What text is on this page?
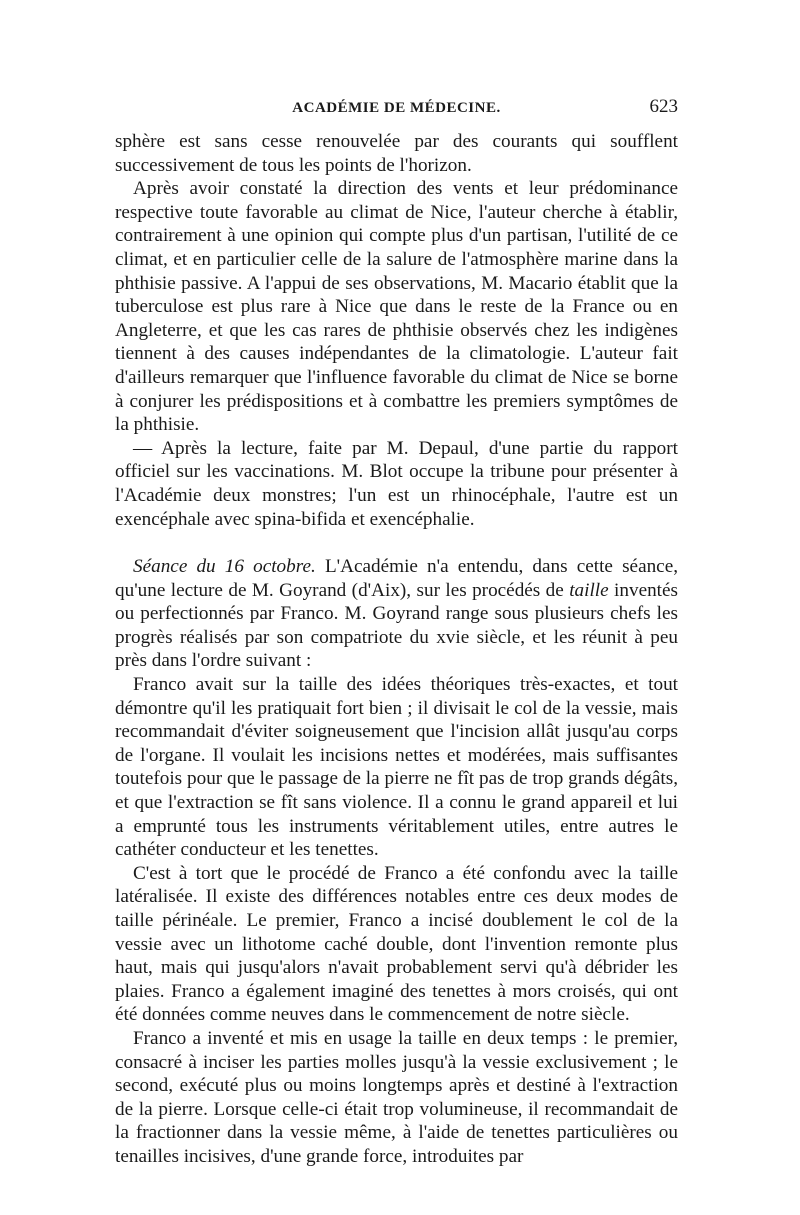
ACADÉMIE DE MÉDECINE.	623

sphère est sans cesse renouvelée par des courants qui soufflent successivement de tous les points de l'horizon.

Après avoir constaté la direction des vents et leur prédominance respective toute favorable au climat de Nice, l'auteur cherche à établir, contrairement à une opinion qui compte plus d'un partisan, l'utilité de ce climat, et en particulier celle de la salure de l'atmosphère marine dans la phthisie passive. A l'appui de ses observations, M. Macario établit que la tuberculose est plus rare à Nice que dans le reste de la France ou en Angleterre, et que les cas rares de phthisie observés chez les indigènes tiennent à des causes indépendantes de la climatologie. L'auteur fait d'ailleurs remarquer que l'influence favorable du climat de Nice se borne à conjurer les prédispositions et à combattre les premiers symptômes de la phthisie.

— Après la lecture, faite par M. Depaul, d'une partie du rapport officiel sur les vaccinations. M. Blot occupe la tribune pour présenter à l'Académie deux monstres; l'un est un rhinocéphale, l'autre est un exencéphale avec spina-bifida et exencéphalie.

Séance du 16 octobre. L'Académie n'a entendu, dans cette séance, qu'une lecture de M. Goyrand (d'Aix), sur les procédés de taille inventés ou perfectionnés par Franco. M. Goyrand range sous plusieurs chefs les progrès réalisés par son compatriote du xvie siècle, et les réunit à peu près dans l'ordre suivant :

Franco avait sur la taille des idées théoriques très-exactes, et tout démontre qu'il les pratiquait fort bien ; il divisait le col de la vessie, mais recommandait d'éviter soigneusement que l'incision allât jusqu'au corps de l'organe. Il voulait les incisions nettes et modérées, mais suffisantes toutefois pour que le passage de la pierre ne fît pas de trop grands dégâts, et que l'extraction se fît sans violence. Il a connu le grand appareil et lui a emprunté tous les instruments véritablement utiles, entre autres le cathéter conducteur et les tenettes.

C'est à tort que le procédé de Franco a été confondu avec la taille latéralisée. Il existe des différences notables entre ces deux modes de taille périnéale. Le premier, Franco a incisé doublement le col de la vessie avec un lithotome caché double, dont l'invention remonte plus haut, mais qui jusqu'alors n'avait probablement servi qu'à débrider les plaies. Franco a également imaginé des tenettes à mors croisés, qui ont été données comme neuves dans le commencement de notre siècle.

Franco a inventé et mis en usage la taille en deux temps : le premier, consacré à inciser les parties molles jusqu'à la vessie exclusivement ; le second, exécuté plus ou moins longtemps après et destiné à l'extraction de la pierre. Lorsque celle-ci était trop volumineuse, il recommandait de la fractionner dans la vessie même, à l'aide de tenettes particulières ou tenailles incisives, d'une grande force, introduites par
